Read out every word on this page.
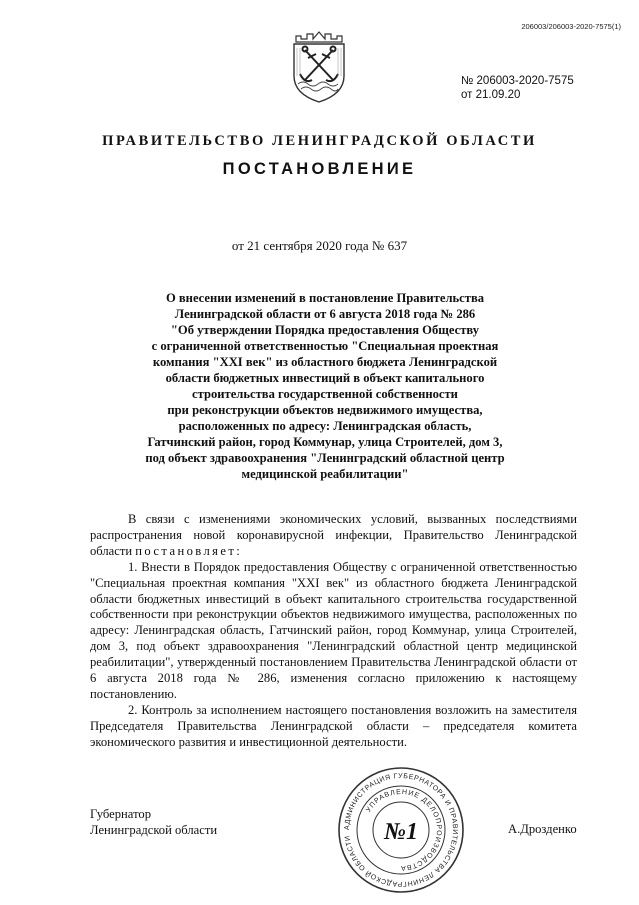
206003/206003-2020-7575(1)
№ 206003-2020-7575
от 21.09.20
ПРАВИТЕЛЬСТВО ЛЕНИНГРАДСКОЙ ОБЛАСТИ
ПОСТАНОВЛЕНИЕ
от 21 сентября 2020 года № 637
О внесении изменений в постановление Правительства
Ленинградской области от 6 августа 2018 года № 286
"Об утверждении Порядка предоставления Обществу
с ограниченной ответственностью "Специальная проектная
компания "XXI век" из областного бюджета Ленинградской
области бюджетных инвестиций в объект капитального
строительства государственной собственности
при реконструкции объектов недвижимого имущества,
расположенных по адресу: Ленинградская область,
Гатчинский район, город Коммунар, улица Строителей, дом 3,
под объект здравоохранения "Ленинградский областной центр
медицинской реабилитации"

В связи с изменениями экономических условий, вызванных последствиями распространения новой коронавирусной инфекции, Правительство Ленинградской области постановляет:

1. Внести в Порядок предоставления Обществу с ограниченной ответственностью "Специальная проектная компания "XXI век" из областного бюджета Ленинградской области бюджетных инвестиций в объект капитального строительства государственной собственности при реконструкции объектов недвижимого имущества, расположенных по адресу: Ленинградская область, Гатчинский район, город Коммунар, улица Строителей, дом 3, под объект здравоохранения "Ленинградский областной центр медицинской реабилитации", утвержденный постановлением Правительства Ленинградской области от 6 августа 2018 года № 286, изменения согласно приложению к настоящему постановлению.

2. Контроль за исполнением настоящего постановления возложить на заместителя Председателя Правительства Ленинградской области – председателя комитета экономического развития и инвестиционной деятельности.

Губернатор
Ленинградской области	А.Дрозденко
АДМИНИСТРАЦИЯ ГУБЕРНАТОРА И ПРАВИТЕЛЬСТВА ЛЕНИНГРАДСКОЙ ОБЛАСТИ
УПРАВЛЕНИЕ ДЕЛОПРОИЗВОДСТВА
№1
